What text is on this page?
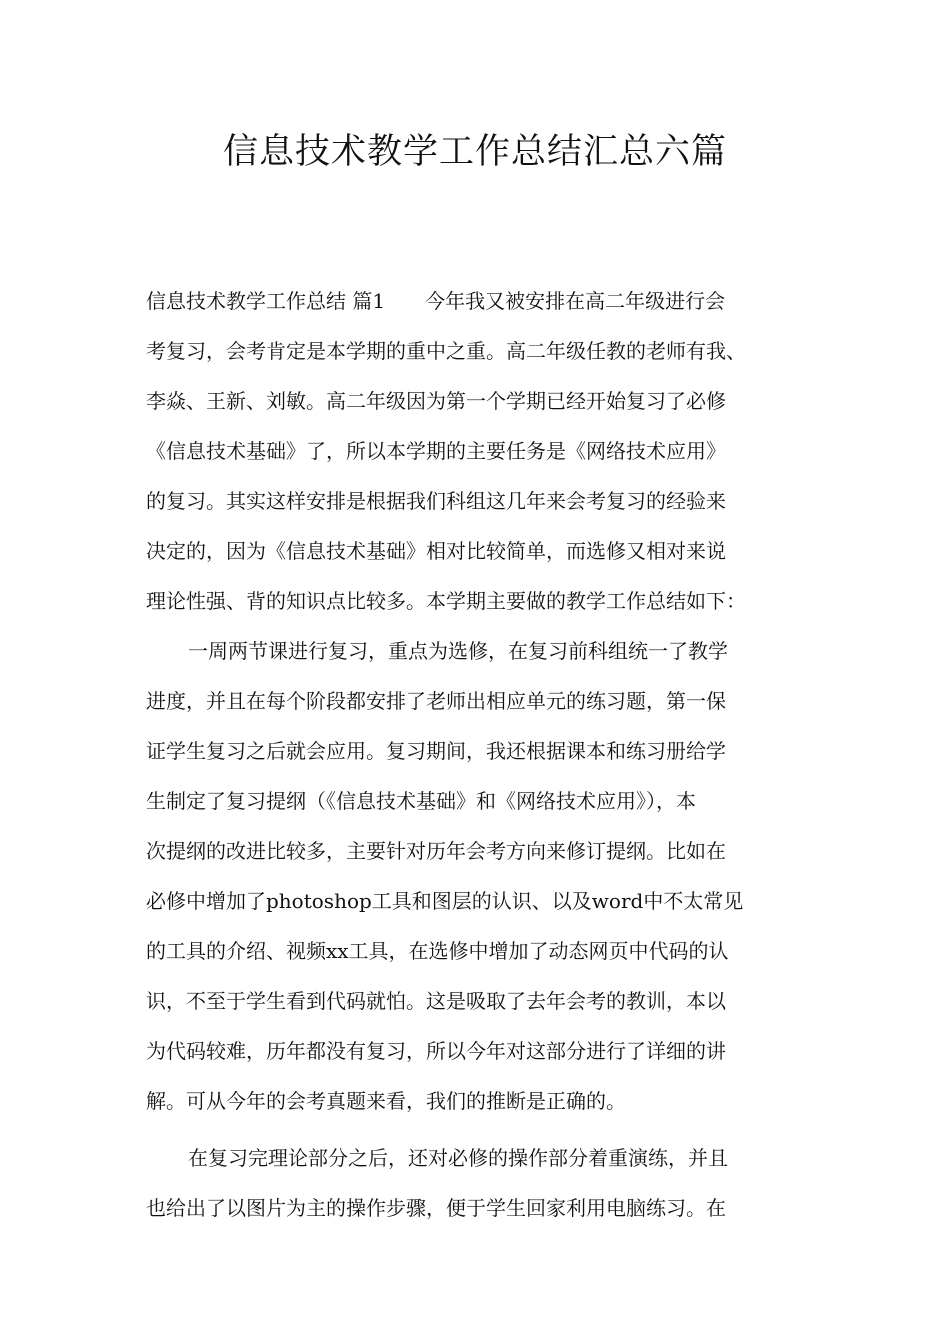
信息技术教学工作总结汇总六篇
信息技术教学工作总结 篇1　　今年我又被安排在高二年级进行会
考复习，会考肯定是本学期的重中之重。高二年级任教的老师有我、
李焱、王新、刘敏。高二年级因为第一个学期已经开始复习了必修
《信息技术基础》了，所以本学期的主要任务是《网络技术应用》
的复习。其实这样安排是根据我们科组这几年来会考复习的经验来
决定的，因为《信息技术基础》相对比较简单，而选修又相对来说
理论性强、背的知识点比较多。本学期主要做的教学工作总结如下：
一周两节课进行复习，重点为选修，在复习前科组统一了教学
进度，并且在每个阶段都安排了老师出相应单元的练习题，第一保
证学生复习之后就会应用。复习期间，我还根据课本和练习册给学
生制定了复习提纲（《信息技术基础》和《网络技术应用》），本
次提纲的改进比较多，主要针对历年会考方向来修订提纲。比如在
必修中增加了photoshop工具和图层的认识、以及word中不太常见
的工具的介绍、视频xx工具，在选修中增加了动态网页中代码的认
识，不至于学生看到代码就怕。这是吸取了去年会考的教训，本以
为代码较难，历年都没有复习，所以今年对这部分进行了详细的讲
解。可从今年的会考真题来看，我们的推断是正确的。
在复习完理论部分之后，还对必修的操作部分着重演练，并且
也给出了以图片为主的操作步骤，便于学生回家利用电脑练习。在
